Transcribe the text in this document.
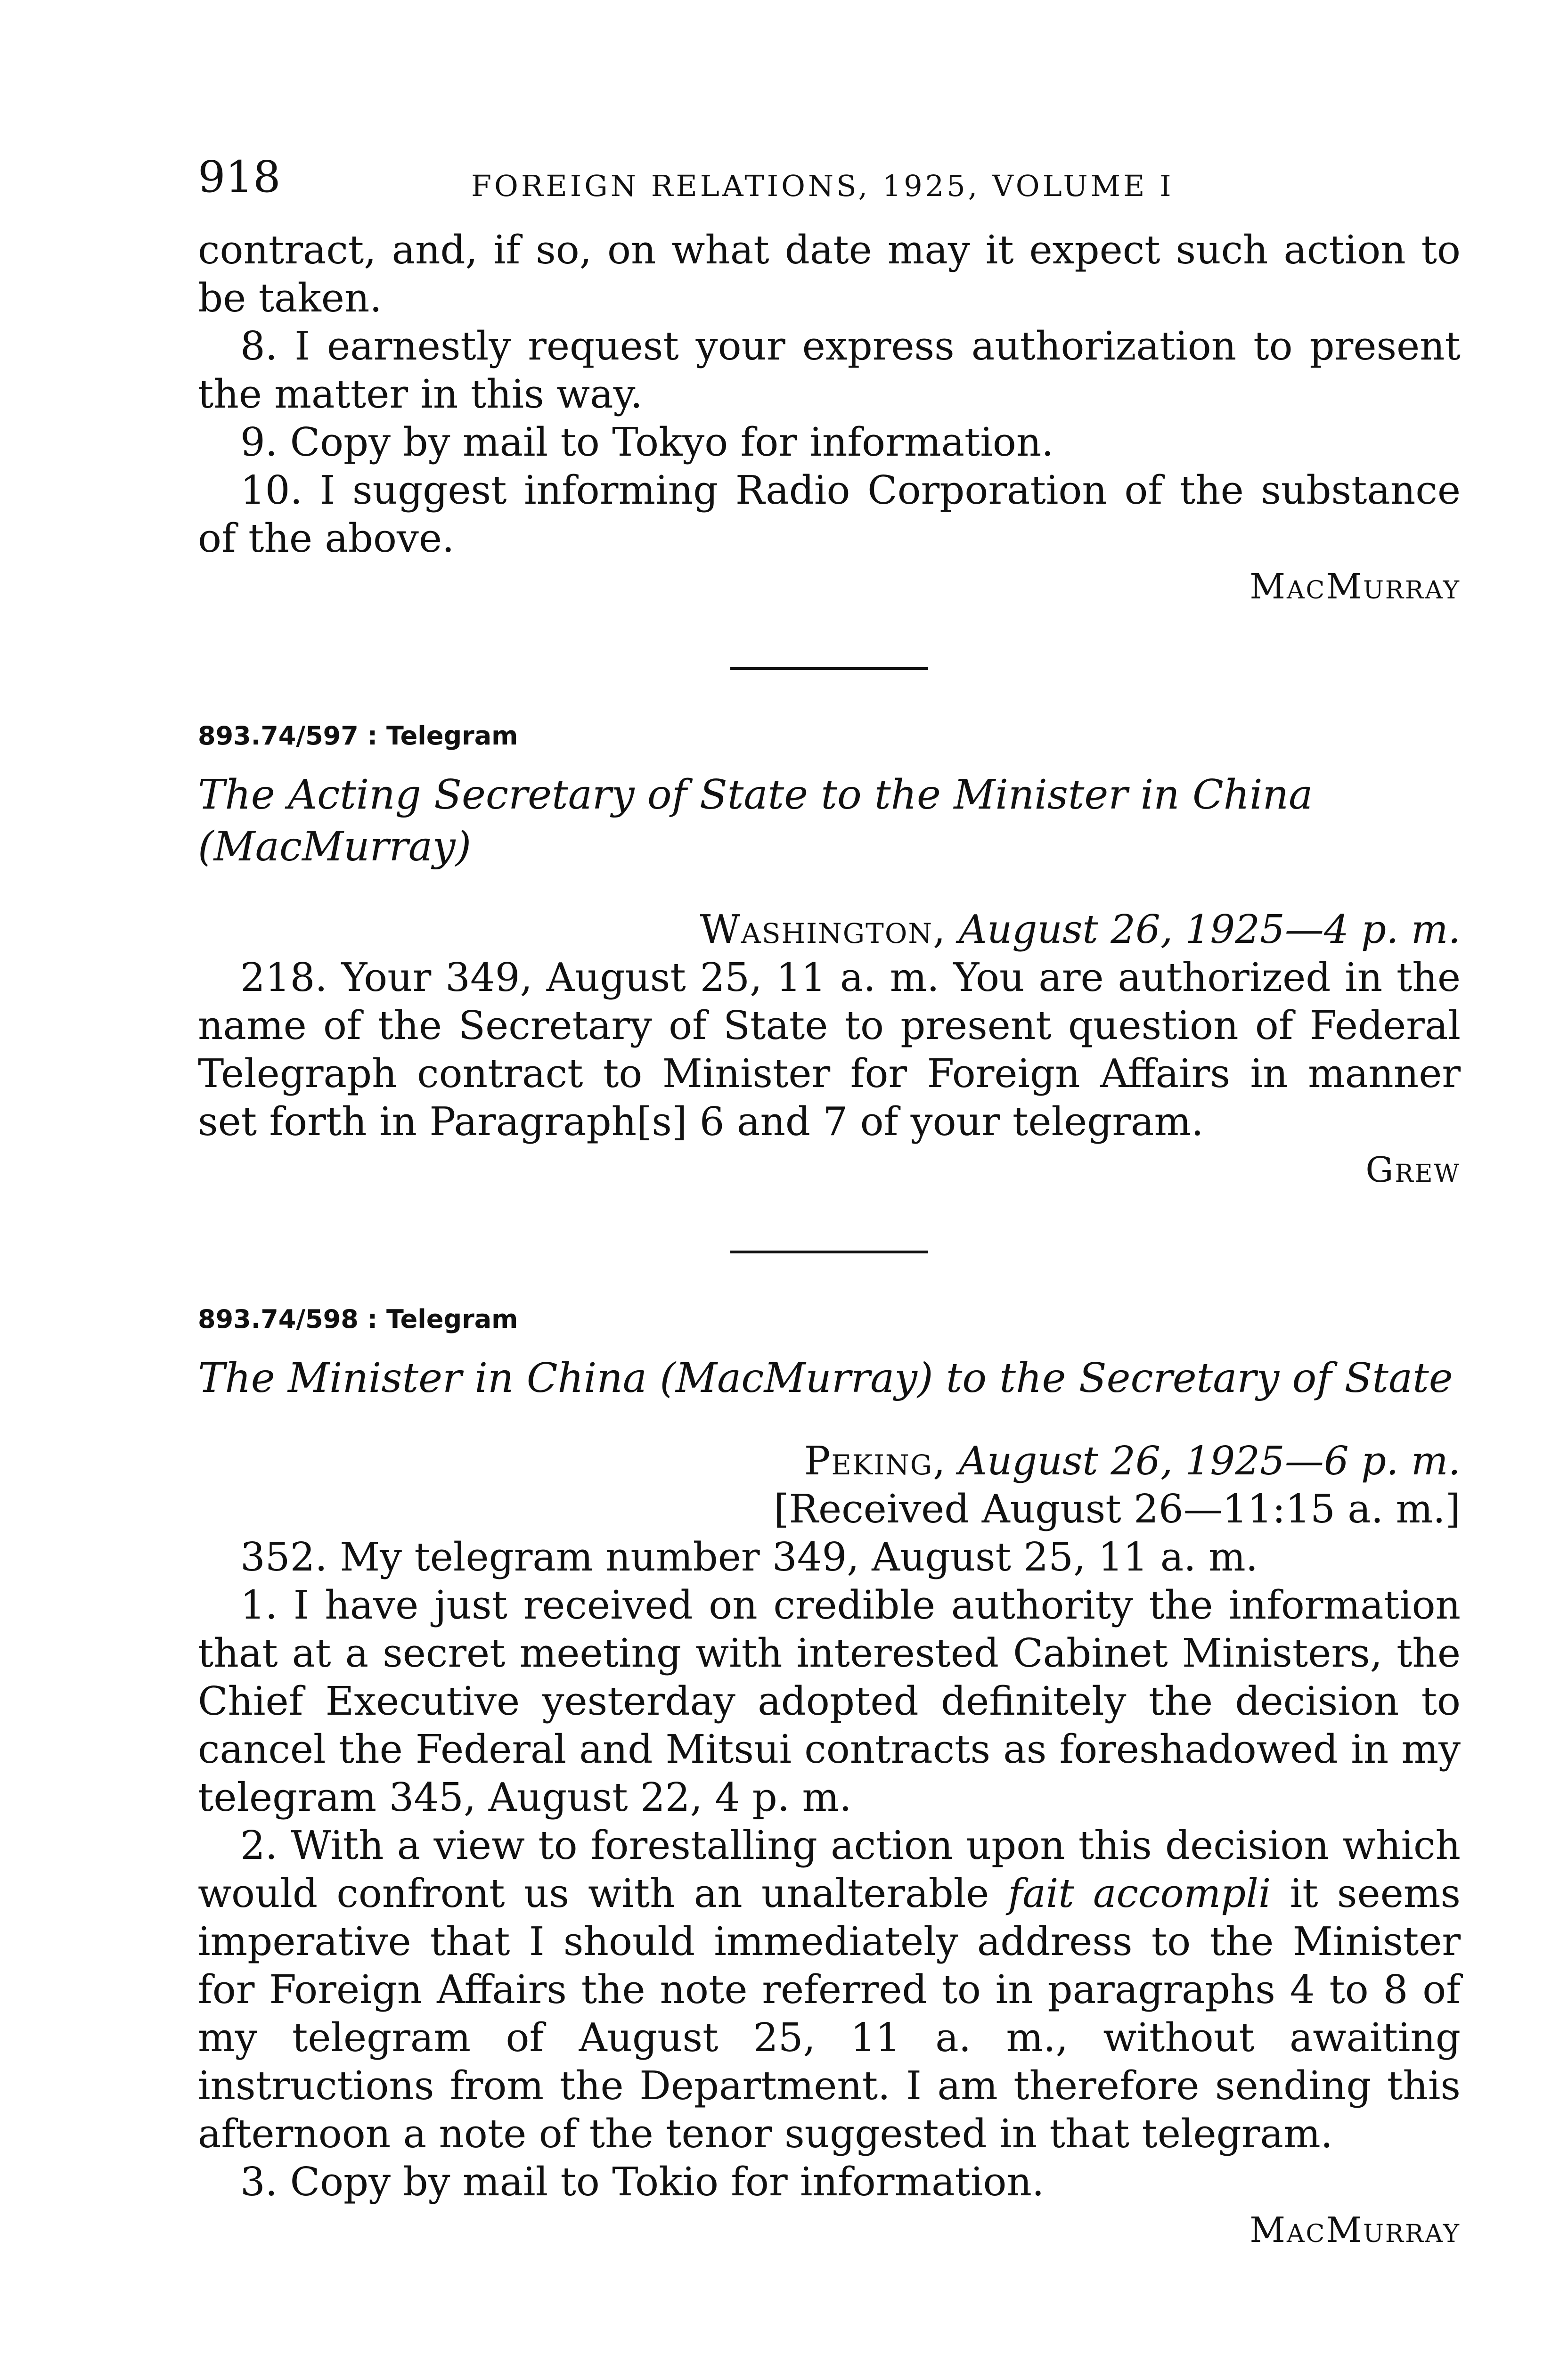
918	FOREIGN RELATIONS, 1925, VOLUME I

contract, and, if so, on what date may it expect such action to be taken.

8. I earnestly request your express authorization to present the matter in this way.

9. Copy by mail to Tokyo for information.

10. I suggest informing Radio Corporation of the substance of the above.

MacMurray

893.74/597 : Telegram

The Acting Secretary of State to the Minister in China (MacMurray)

Washington, August 26, 1925—4 p. m.

218. Your 349, August 25, 11 a. m. You are authorized in the name of the Secretary of State to present question of Federal Telegraph contract to Minister for Foreign Affairs in manner set forth in Paragraph[s] 6 and 7 of your telegram.

Grew

893.74/598 : Telegram

The Minister in China (MacMurray) to the Secretary of State

Peking, August 26, 1925—6 p. m.

[Received August 26—11:15 a. m.]

352. My telegram number 349, August 25, 11 a. m.

1. I have just received on credible authority the information that at a secret meeting with interested Cabinet Ministers, the Chief Executive yesterday adopted definitely the decision to cancel the Federal and Mitsui contracts as foreshadowed in my telegram 345, August 22, 4 p. m.

2. With a view to forestalling action upon this decision which would confront us with an unalterable fait accompli it seems imperative that I should immediately address to the Minister for Foreign Affairs the note referred to in paragraphs 4 to 8 of my telegram of August 25, 11 a. m., without awaiting instructions from the Department. I am therefore sending this afternoon a note of the tenor suggested in that telegram.

3. Copy by mail to Tokio for information.

MacMurray
